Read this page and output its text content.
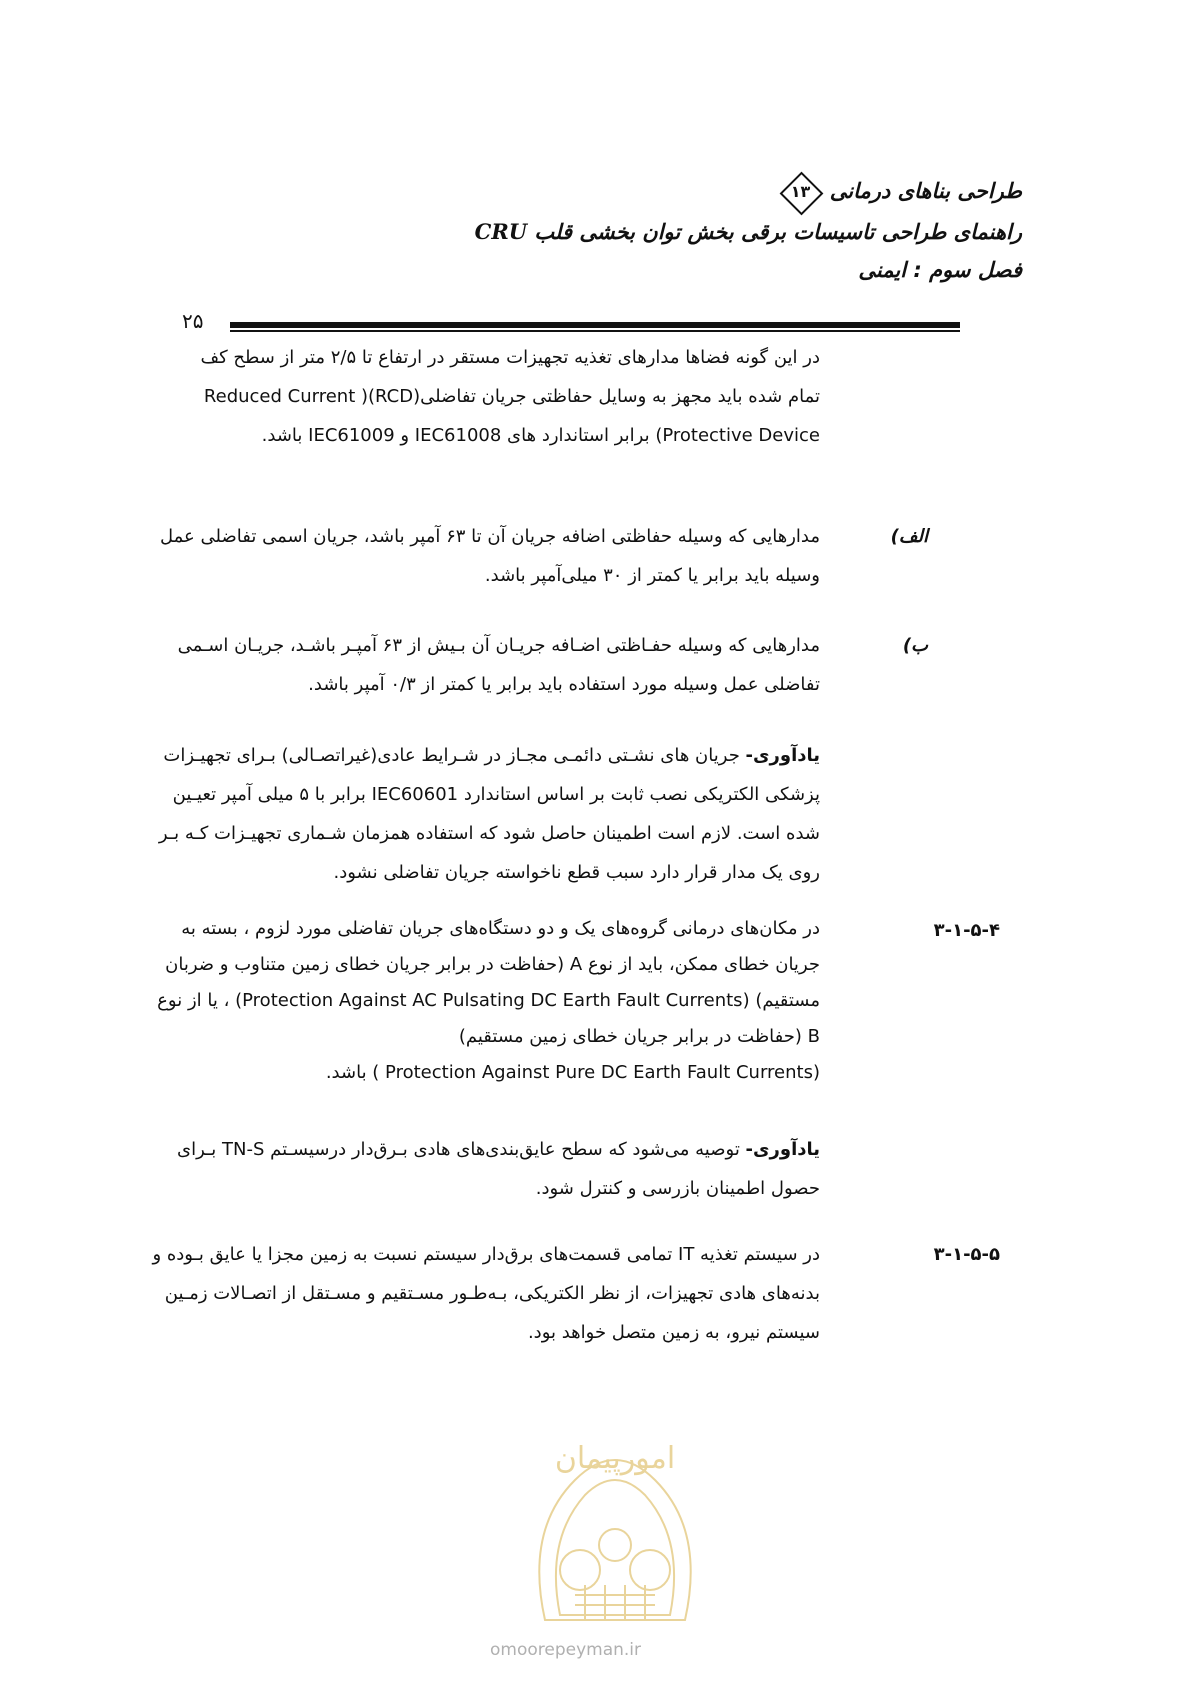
طراحی بناهای درمانی
۱۳
راهنمای طراحی تاسیسات برقی بخش توان بخشی قلب CRU
فصل سوم : ایمنی
۲۵
در این گونه فضاها مدارهای تغذیه تجهیزات مستقر در ارتفاع تا ۲/۵ متر از سطح کف
تمام شده باید مجهز به وسایل حفاظتی جریان تفاضلی(RCD)( Reduced Current
Protective Device) برابر استاندارد های IEC61008 و IEC61009 باشد.
الف)
مدارهایی که وسیله حفاظتی اضافه جریان آن تا ۶۳ آمپر باشد، جریان اسمی تفاضلی عمل
وسیله باید برابر یا کمتر از ۳۰ میلی‌آمپر باشد.
ب)
مدارهایی که وسیله حفـاظتی اضـافه جریـان آن بـیش از ۶۳ آمپـر باشـد، جریـان اسـمی
تفاضلی عمل وسیله مورد استفاده باید برابر یا کمتر از ۰/۳ آمپر باشد.
یادآوری- جریان های نشـتی دائمـی مجـاز در شـرایط عادی(غیراتصـالی) بـرای تجهیـزات
پزشکی الکتریکی نصب ثابت بر اساس استاندارد IEC60601 برابر با ۵ میلی آمپر تعیـین
شده است. لازم است اطمینان حاصل شود که استفاده همزمان شـماری تجهیـزات کـه بـر
روی یک مدار قرار دارد سبب قطع ناخواسته جریان تفاضلی نشود.
۳-۱-۵-۴
در مکان‌های درمانی گروه‌های یک و دو دستگاه‌های جریان تفاضلی مورد لزوم ، بسته به
جریان خطای ممکن، باید از نوع A (حفاظت در برابر جریان خطای زمین متناوب و ضربان
مستقیم) (Protection Against AC Pulsating DC Earth Fault Currents) ، یا از نوع
B (حفاظت در برابر جریان خطای زمین مستقیم)
(Protection Against Pure DC Earth Fault Currents ) باشد.
یادآوری- توصیه می‌شود که سطح عایق‌بندی‌های هادی بـرق‌دار درسیسـتم TN-S بـرای
حصول اطمینان بازرسی و کنترل شود.
۳-۱-۵-۵
در سیستم تغذیه IT تمامی قسمت‌های برق‌دار سیستم نسبت به زمین مجزا یا عایق بـوده و
بدنه‌های هادی تجهیزات، از نظر الکتریکی، بـه‌طـور مسـتقیم و مسـتقل از اتصـالات زمـین
سیستم نیرو، به زمین متصل خواهد بود.
امورپیمان
omoorepeyman.ir
